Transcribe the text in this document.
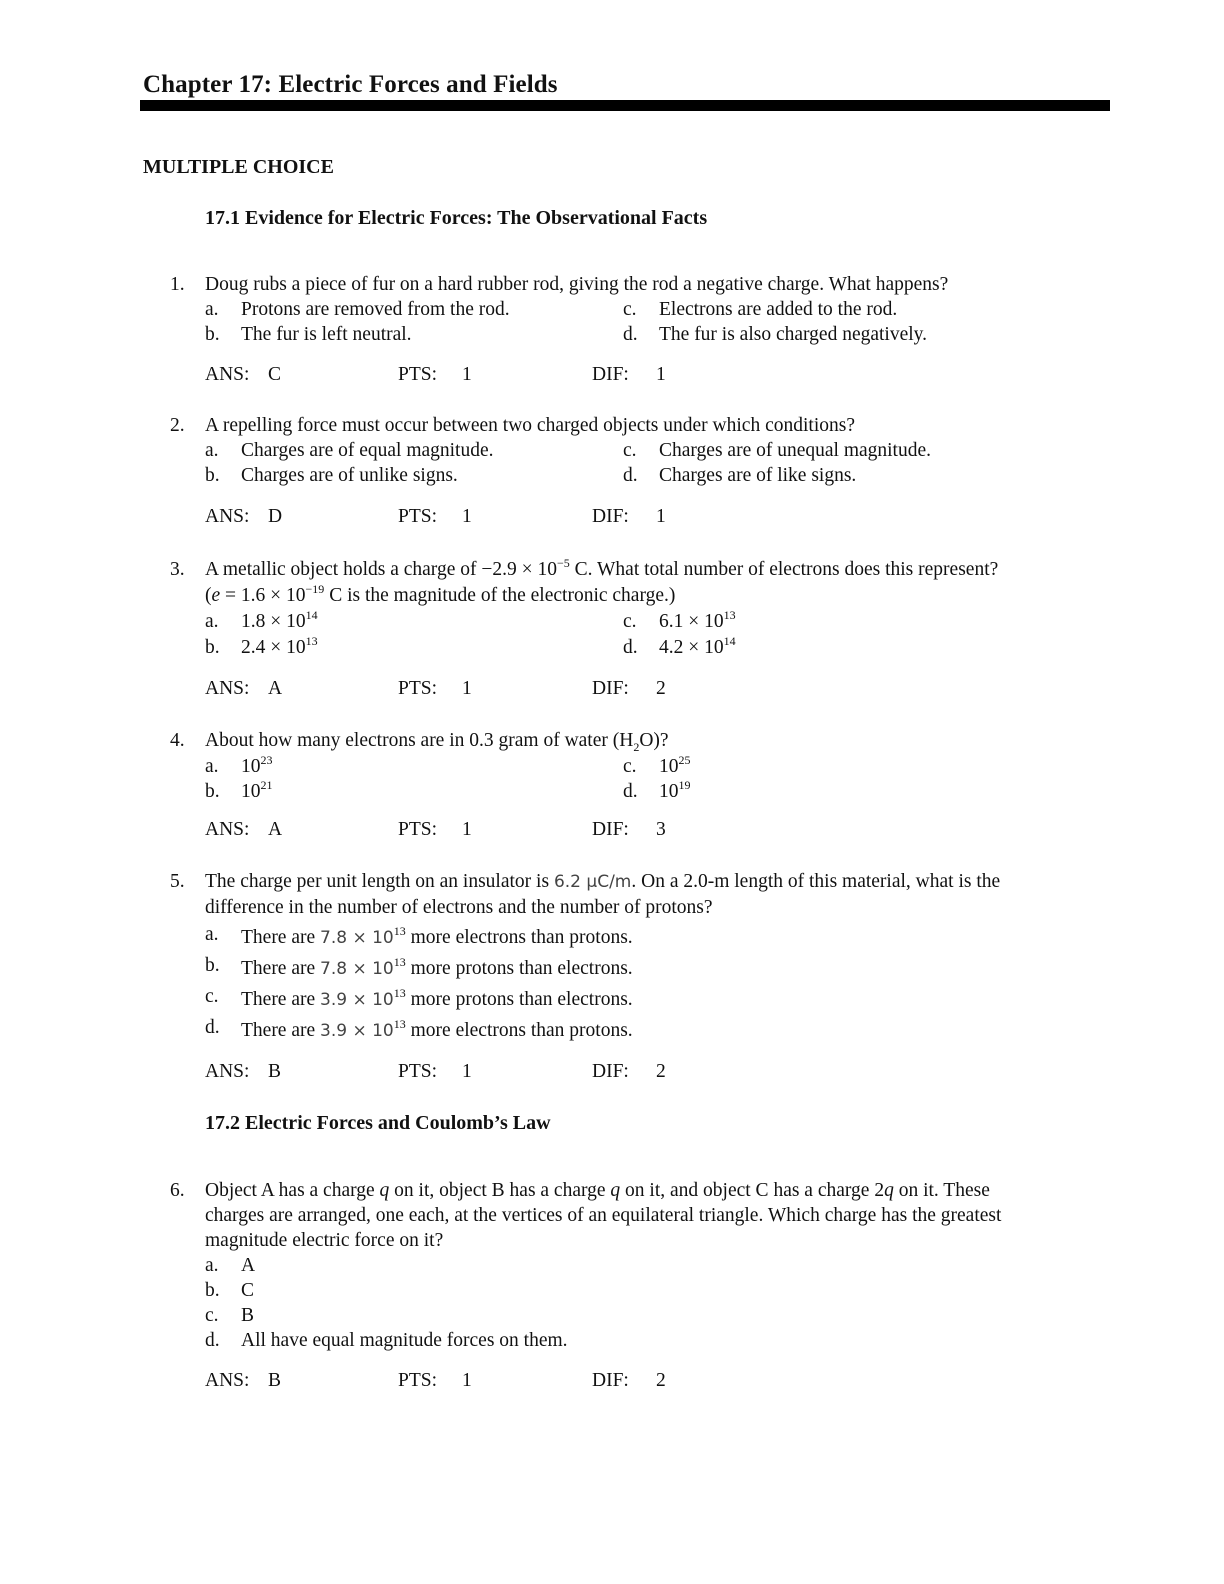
Chapter 17: Electric Forces and Fields
MULTIPLE CHOICE
17.1 Evidence for Electric Forces: The Observational Facts
1. Doug rubs a piece of fur on a hard rubber rod, giving the rod a negative charge. What happens?
a. Protons are removed from the rod.
b. The fur is left neutral.
c. Electrons are added to the rod.
d. The fur is also charged negatively.
ANS: C	PTS: 1	DIF: 1
2. A repelling force must occur between two charged objects under which conditions?
a. Charges are of equal magnitude.
b. Charges are of unlike signs.
c. Charges are of unequal magnitude.
d. Charges are of like signs.
ANS: D	PTS: 1	DIF: 1
3. A metallic object holds a charge of $-2.9 \times 10^{-5}$ C. What total number of electrons does this represent?
($e = 1.6 \times 10^{-19}$ C is the magnitude of the electronic charge.)
a. $1.8 \times 10^{14}$
b. $2.4 \times 10^{13}$
c. $6.1 \times 10^{13}$
d. $4.2 \times 10^{14}$
ANS: A	PTS: 1	DIF: 2
4. About how many electrons are in 0.3 gram of water $(H_2O)$?
a. $10^{23}$
b. $10^{21}$
c. $10^{25}$
d. $10^{19}$
ANS: A	PTS: 1	DIF: 3
5. The charge per unit length on an insulator is 6.2 μC/m. On a 2.0-m length of this material, what is the
difference in the number of electrons and the number of protons?
a. There are $7.8 \times 10^{13}$ more electrons than protons.
b. There are $7.8 \times 10^{13}$ more protons than electrons.
c. There are $3.9 \times 10^{13}$ more protons than electrons.
d. There are $3.9 \times 10^{13}$ more electrons than protons.
ANS: B	PTS: 1	DIF: 2
17.2 Electric Forces and Coulomb’s Law
6. Object A has a charge q on it, object B has a charge q on it, and object C has a charge 2q on it. These
charges are arranged, one each, at the vertices of an equilateral triangle. Which charge has the greatest
magnitude electric force on it?
a. A
b. C
c. B
d. All have equal magnitude forces on them.
ANS: B	PTS: 1	DIF: 2
